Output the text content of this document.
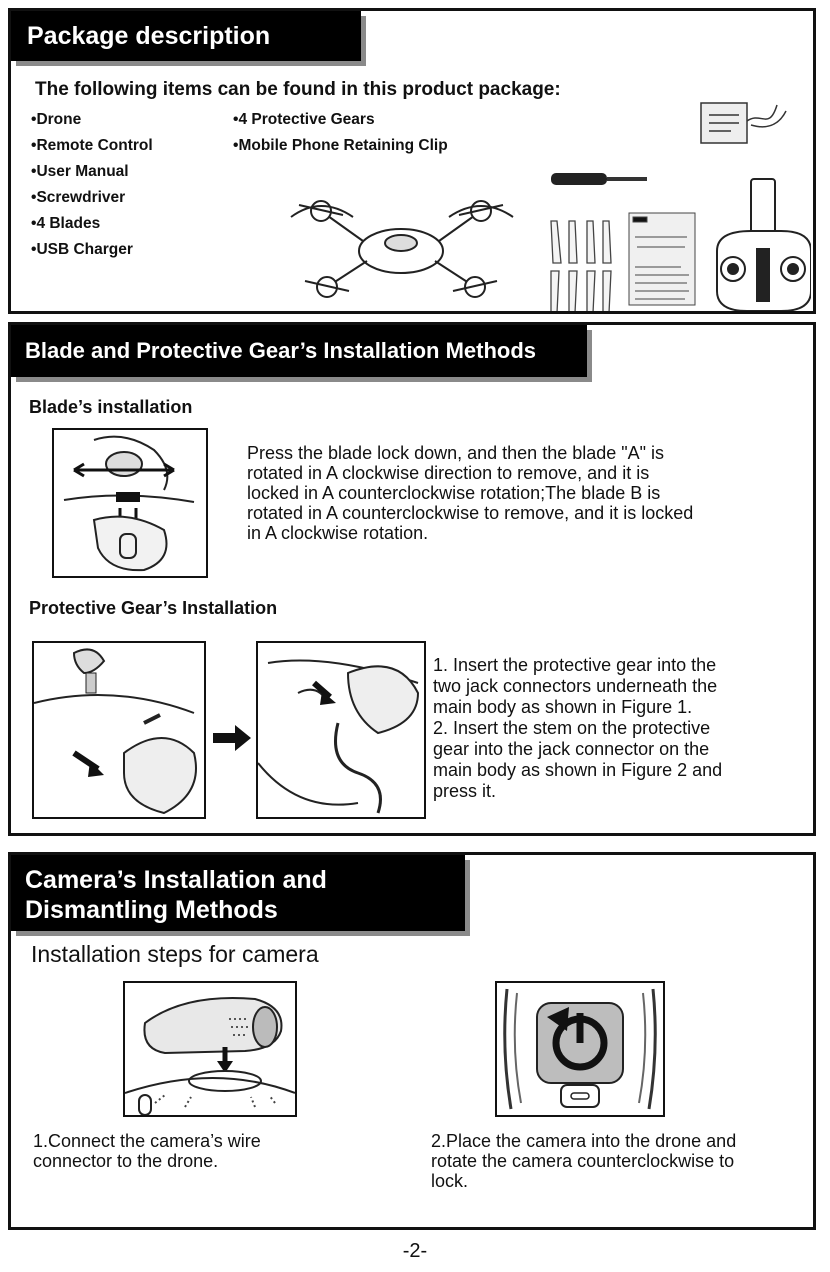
Package description
The following items can be found in this product package:
•Drone
•Remote Control
•User Manual
•Screwdriver
•4 Blades
•USB Charger
•4 Protective Gears
•Mobile Phone Retaining Clip
Blade and Protective Gear’s Installation Methods
Blade’s installation
Press the blade lock down, and then the blade "A" is
rotated in A clockwise direction to remove, and it is
locked in A counterclockwise rotation;The blade B is
rotated in A counterclockwise to remove, and it is locked
in A clockwise rotation.
Protective Gear’s Installation
1. Insert the protective gear into the
two jack connectors underneath the
main body as shown in Figure 1.
2. Insert the stem on the protective
gear into the jack connector on the
main body as shown in Figure 2 and
press it.
Camera’s Installation and
Dismantling Methods
Installation steps for camera
1.Connect the camera’s wire
connector to the drone.
2.Place the camera into the drone and
rotate the camera counterclockwise to
lock.
-2-
